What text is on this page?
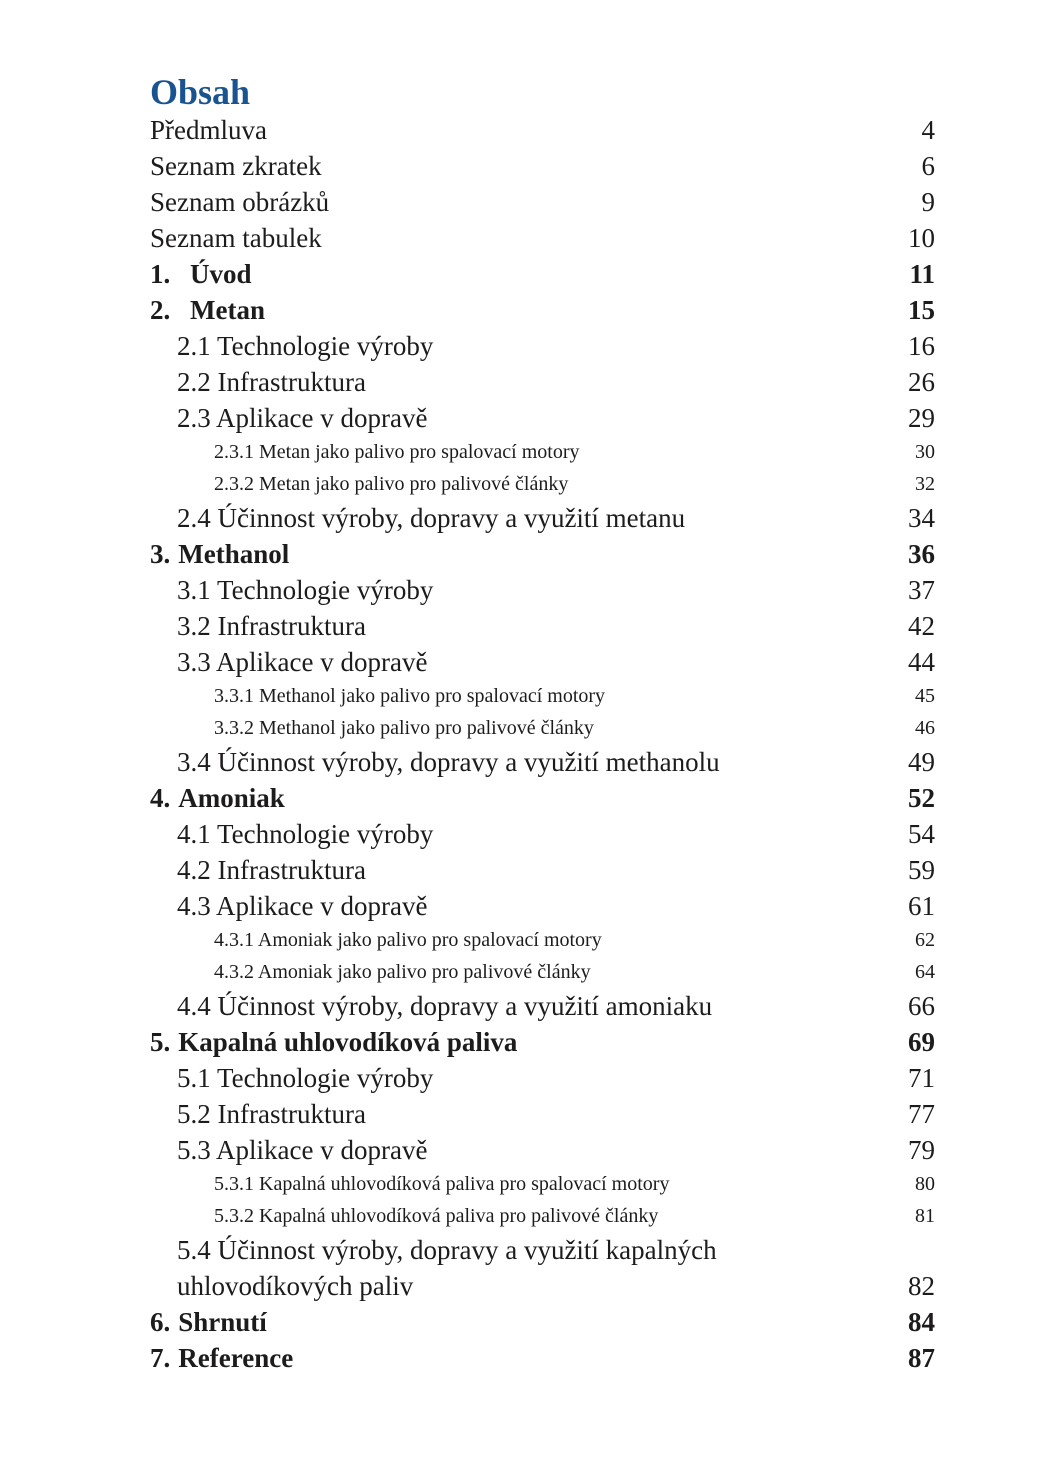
Obsah
Předmluva	4
Seznam zkratek	6
Seznam obrázků	9
Seznam tabulek	10
1. Úvod	11
2. Metan	15
2.1 Technologie výroby	16
2.2 Infrastruktura	26
2.3 Aplikace v dopravě	29
2.3.1 Metan jako palivo pro spalovací motory	30
2.3.2 Metan jako palivo pro palivové články	32
2.4 Účinnost výroby, dopravy a využití metanu	34
3. Methanol	36
3.1 Technologie výroby	37
3.2 Infrastruktura	42
3.3 Aplikace v dopravě	44
3.3.1 Methanol jako palivo pro spalovací motory	45
3.3.2 Methanol jako palivo pro palivové články	46
3.4 Účinnost výroby, dopravy a využití methanolu	49
4. Amoniak	52
4.1 Technologie výroby	54
4.2 Infrastruktura	59
4.3 Aplikace v dopravě	61
4.3.1 Amoniak jako palivo pro spalovací motory	62
4.3.2 Amoniak jako palivo pro palivové články	64
4.4 Účinnost výroby, dopravy a využití amoniaku	66
5. Kapalná uhlovodíková paliva	69
5.1 Technologie výroby	71
5.2 Infrastruktura	77
5.3 Aplikace v dopravě	79
5.3.1 Kapalná uhlovodíková paliva pro spalovací motory	80
5.3.2 Kapalná uhlovodíková paliva pro palivové články	81
5.4 Účinnost výroby, dopravy a využití kapalných uhlovodíkových paliv	82
6. Shrnutí	84
7. Reference	87
